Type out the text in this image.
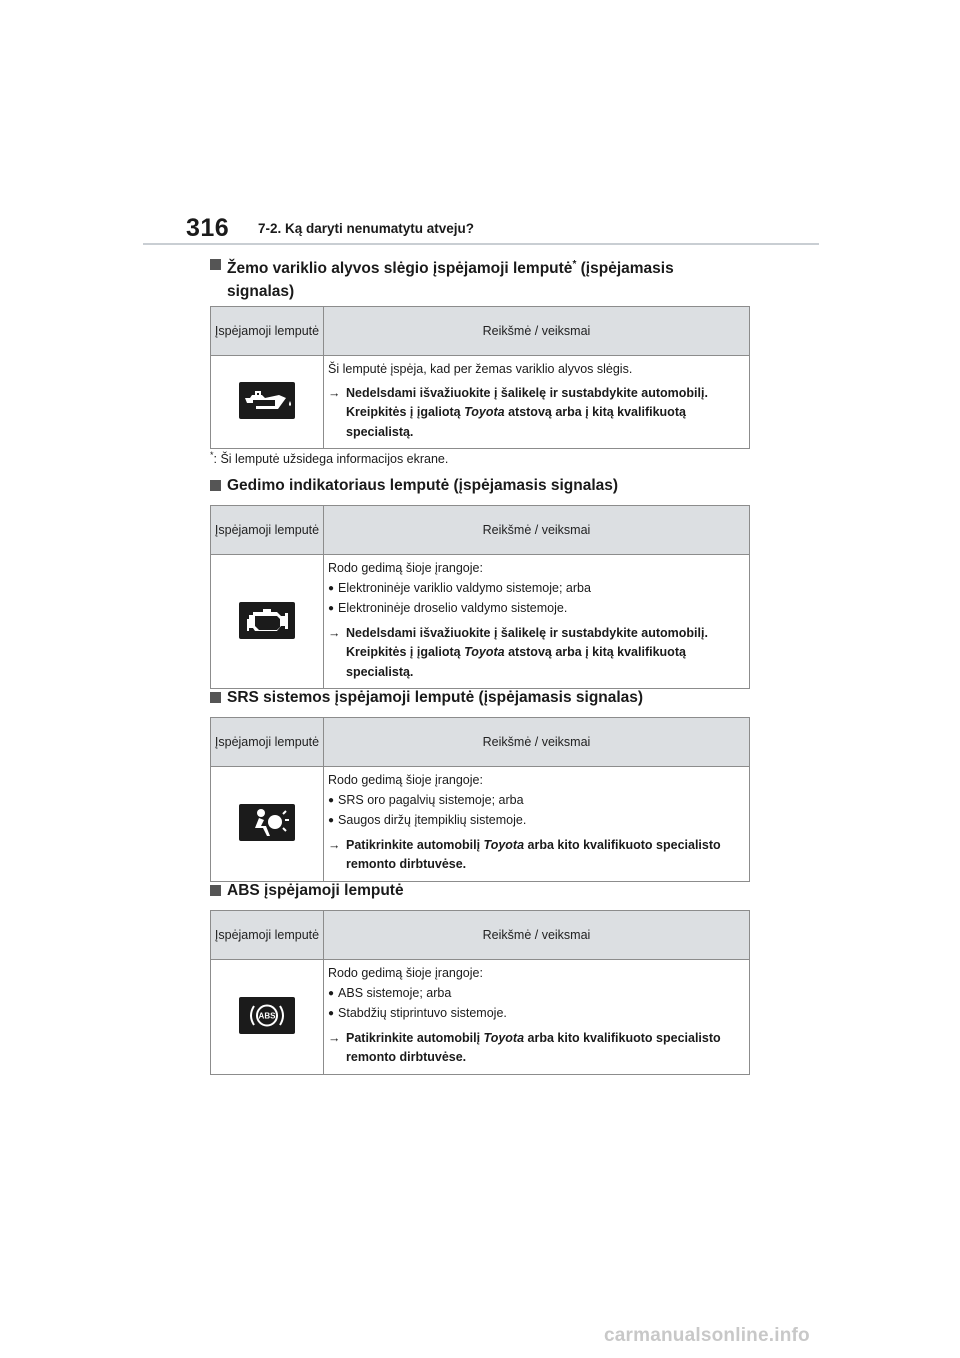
316 7-2. Ką daryti nenumatytu atveju?
Žemo variklio alyvos slėgio įspėjamoji lemputė* (įspėjamasis signalas)
Įspėjamoji lemputė	Reikšmė / veiksmai

Ši lemputė įspėja, kad per žemas variklio alyvos slėgis.
→ Nedelsdami išvažiuokite į šalikelę ir sustabdykite automobilį. Kreipkitės į įgaliotą Toyota atstovą arba į kitą kvalifikuotą specialistą.
*: Ši lemputė užsidega informacijos ekrane.
Gedimo indikatoriaus lemputė (įspėjamasis signalas)
Įspėjamoji lemputė	Reikšmė / veiksmai

Rodo gedimą šioje įrangoje:
● Elektroninėje variklio valdymo sistemoje; arba
● Elektroninėje droselio valdymo sistemoje.
→ Nedelsdami išvažiuokite į šalikelę ir sustabdykite automobilį. Kreipkitės į įgaliotą Toyota atstovą arba į kitą kvalifikuotą specialistą.
SRS sistemos įspėjamoji lemputė (įspėjamasis signalas)
Įspėjamoji lemputė	Reikšmė / veiksmai

Rodo gedimą šioje įrangoje:
● SRS oro pagalvių sistemoje; arba
● Saugos diržų įtempiklių sistemoje.
→ Patikrinkite automobilį Toyota arba kito kvalifikuoto specialisto remonto dirbtuvėse.
ABS įspėjamoji lemputė
Įspėjamoji lemputė	Reikšmė / veiksmai

ABS	Rodo gedimą šioje įrangoje:
● ABS sistemoje; arba
● Stabdžių stiprintuvo sistemoje.
→ Patikrinkite automobilį Toyota arba kito kvalifikuoto specialisto remonto dirbtuvėse.
carmanualsonline.info
